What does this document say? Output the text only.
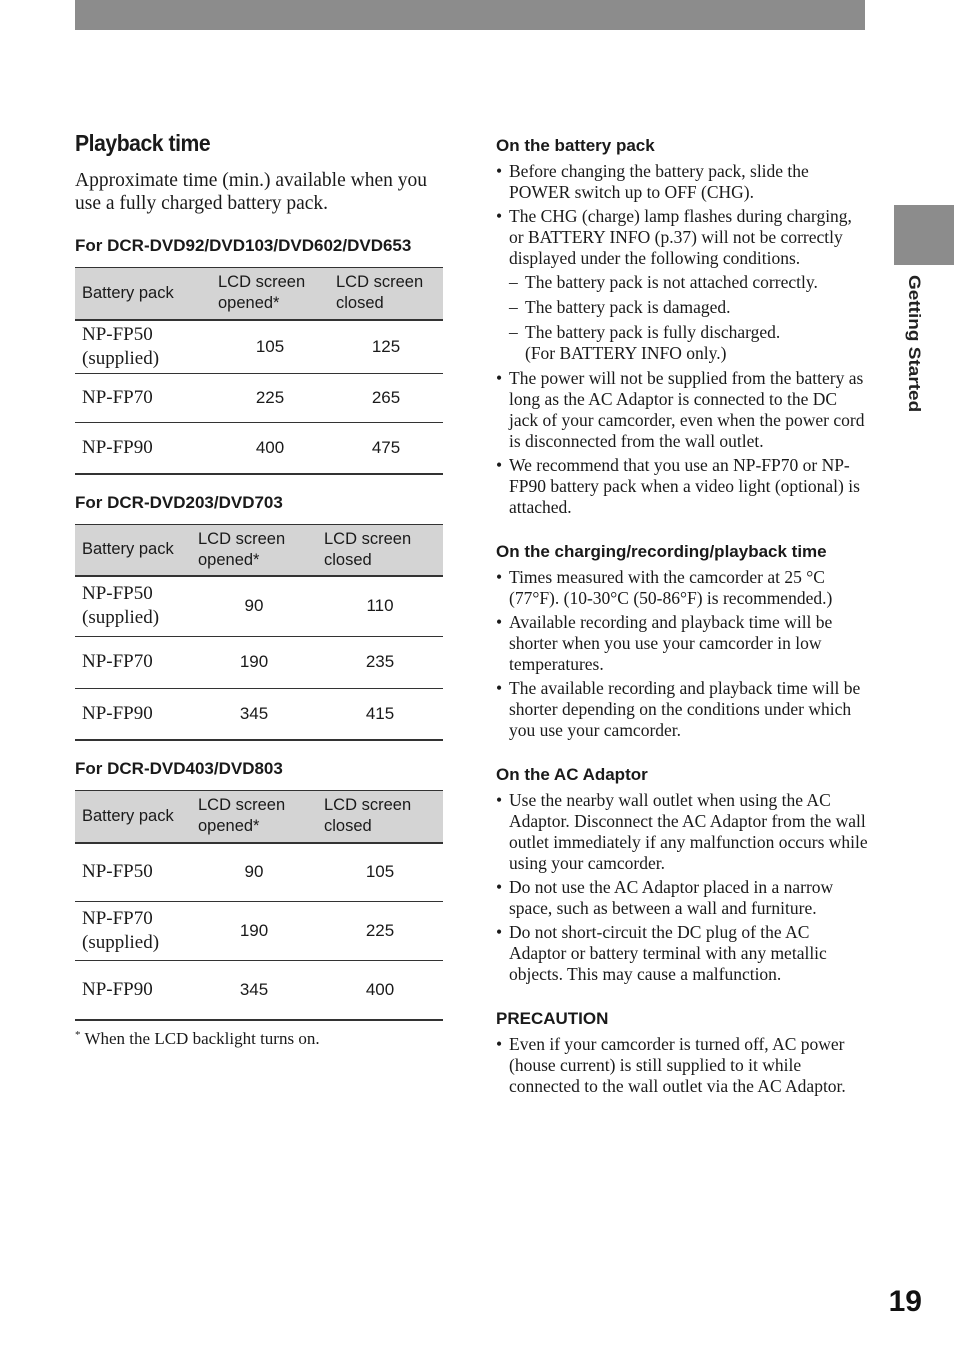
Getting Started
Playback time

Approximate time (min.) available when you use a fully charged battery pack.

For DCR-DVD92/DVD103/DVD602/DVD653
Battery pack	LCD screen opened*	LCD screen closed
NP-FP50
(supplied)	105	125
NP-FP70	225	265
NP-FP90	400	475
For DCR-DVD203/DVD703
Battery pack	LCD screen opened*	LCD screen closed
NP-FP50
(supplied)	90	110
NP-FP70	190	235
NP-FP90	345	415
For DCR-DVD403/DVD803
Battery pack	LCD screen opened*	LCD screen closed
NP-FP50	90	105
NP-FP70
(supplied)	190	225
NP-FP90	345	400
* When the LCD backlight turns on.
On the battery pack
• Before changing the battery pack, slide the POWER switch up to OFF (CHG).
• The CHG (charge) lamp flashes during charging, or BATTERY INFO (p.37) will not be correctly displayed under the following conditions.
– The battery pack is not attached correctly.
– The battery pack is damaged.
– The battery pack is fully discharged.
(For BATTERY INFO only.)
• The power will not be supplied from the battery as long as the AC Adaptor is connected to the DC jack of your camcorder, even when the power cord is disconnected from the wall outlet.
• We recommend that you use an NP-FP70 or NP-FP90 battery pack when a video light (optional) is attached.
On the charging/recording/playback time
• Times measured with the camcorder at 25 °C (77°F). (10-30°C (50-86°F) is recommended.)
• Available recording and playback time will be shorter when you use your camcorder in low temperatures.
• The available recording and playback time will be shorter depending on the conditions under which you use your camcorder.
On the AC Adaptor
• Use the nearby wall outlet when using the AC Adaptor. Disconnect the AC Adaptor from the wall outlet immediately if any malfunction occurs while using your camcorder.
• Do not use the AC Adaptor placed in a narrow space, such as between a wall and furniture.
• Do not short-circuit the DC plug of the AC Adaptor or battery terminal with any metallic objects. This may cause a malfunction.
PRECAUTION
• Even if your camcorder is turned off, AC power (house current) is still supplied to it while connected to the wall outlet via the AC Adaptor.
19
